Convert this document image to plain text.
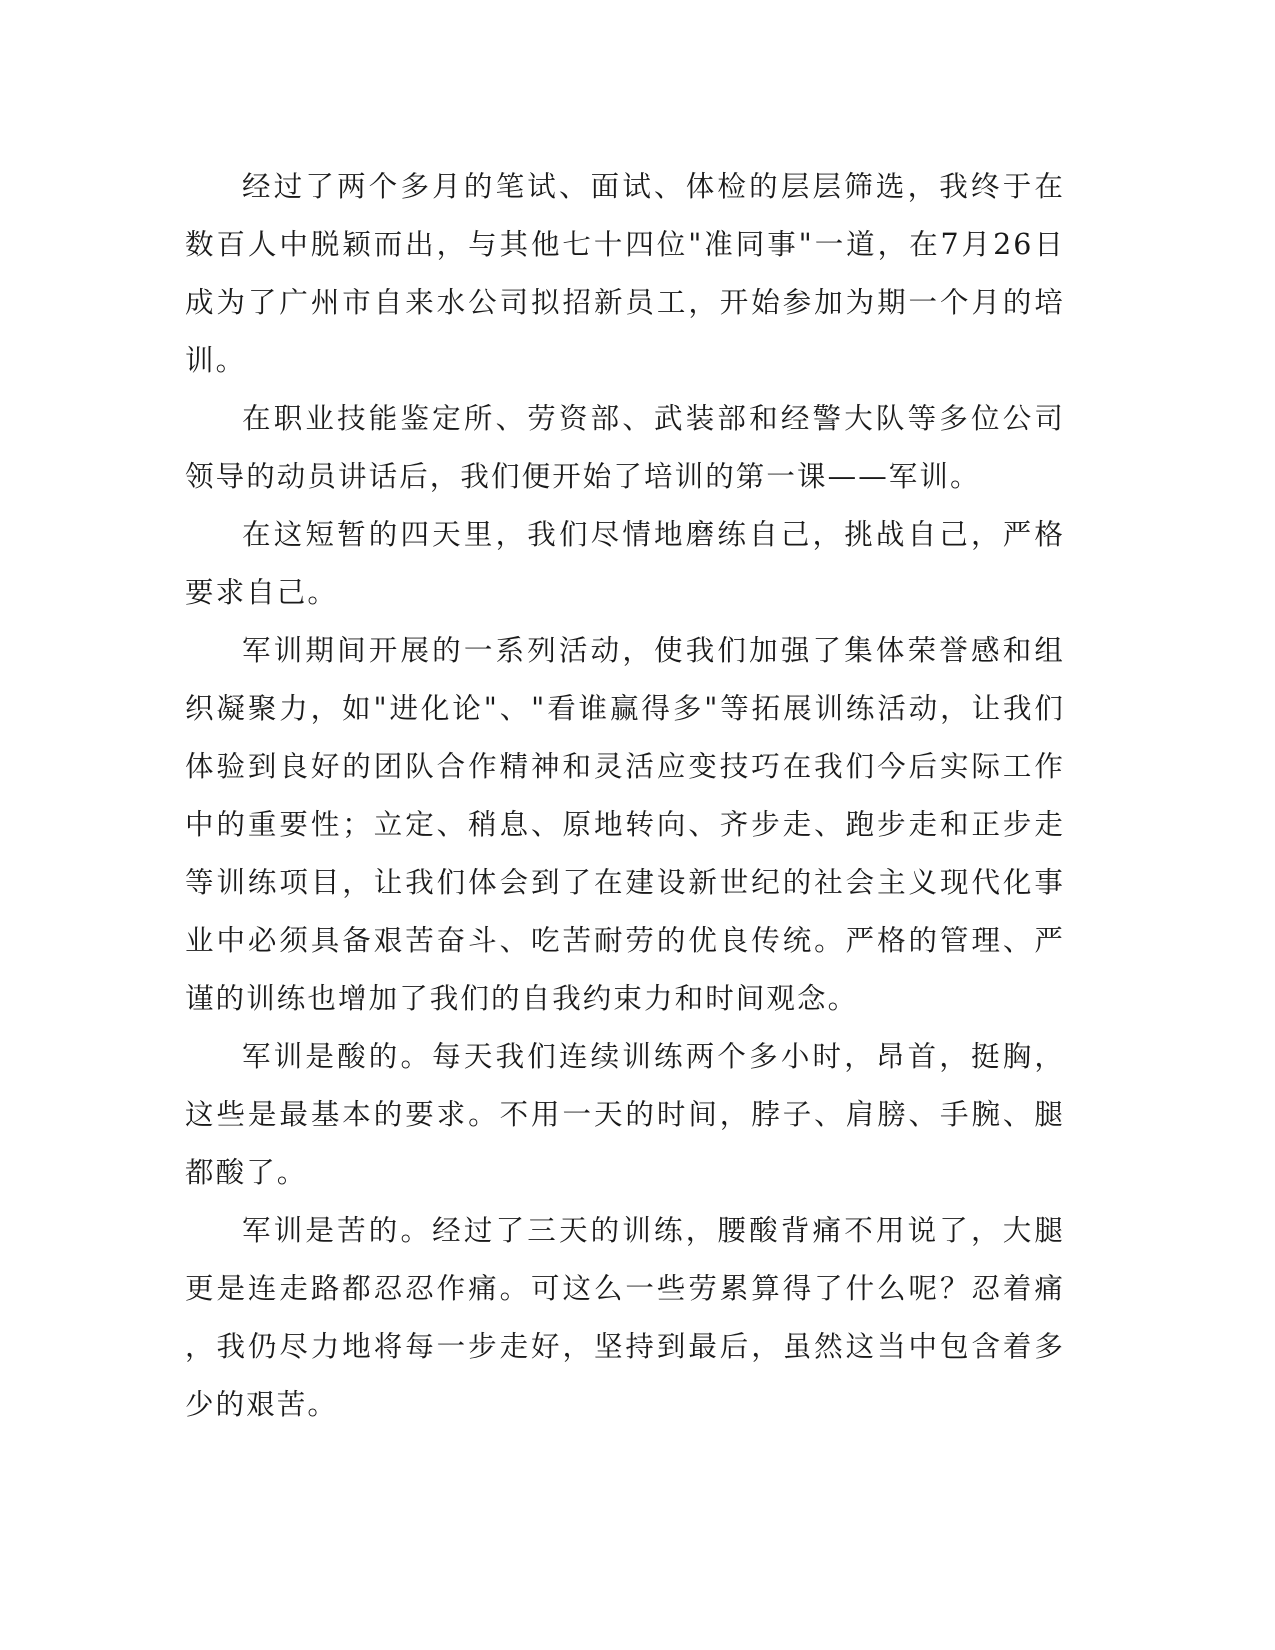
经过了两个多月的笔试、面试、体检的层层筛选，我终于在数百人中脱颖而出，与其他七十四位"准同事"一道，在7月26日成为了广州市自来水公司拟招新员工，开始参加为期一个月的培训。

在职业技能鉴定所、劳资部、武装部和经警大队等多位公司领导的动员讲话后，我们便开始了培训的第一课——军训。

在这短暂的四天里，我们尽情地磨练自己，挑战自己，严格要求自己。

军训期间开展的一系列活动，使我们加强了集体荣誉感和组织凝聚力，如"进化论"、"看谁赢得多"等拓展训练活动，让我们体验到良好的团队合作精神和灵活应变技巧在我们今后实际工作中的重要性；立定、稍息、原地转向、齐步走、跑步走和正步走等训练项目，让我们体会到了在建设新世纪的社会主义现代化事业中必须具备艰苦奋斗、吃苦耐劳的优良传统。严格的管理、严谨的训练也增加了我们的自我约束力和时间观念。

军训是酸的。每天我们连续训练两个多小时，昂首，挺胸，这些是最基本的要求。不用一天的时间，脖子、肩膀、手腕、腿都酸了。

军训是苦的。经过了三天的训练，腰酸背痛不用说了，大腿更是连走路都忍忍作痛。可这么一些劳累算得了什么呢？忍着痛，我仍尽力地将每一步走好，坚持到最后，虽然这当中包含着多少的艰苦。
